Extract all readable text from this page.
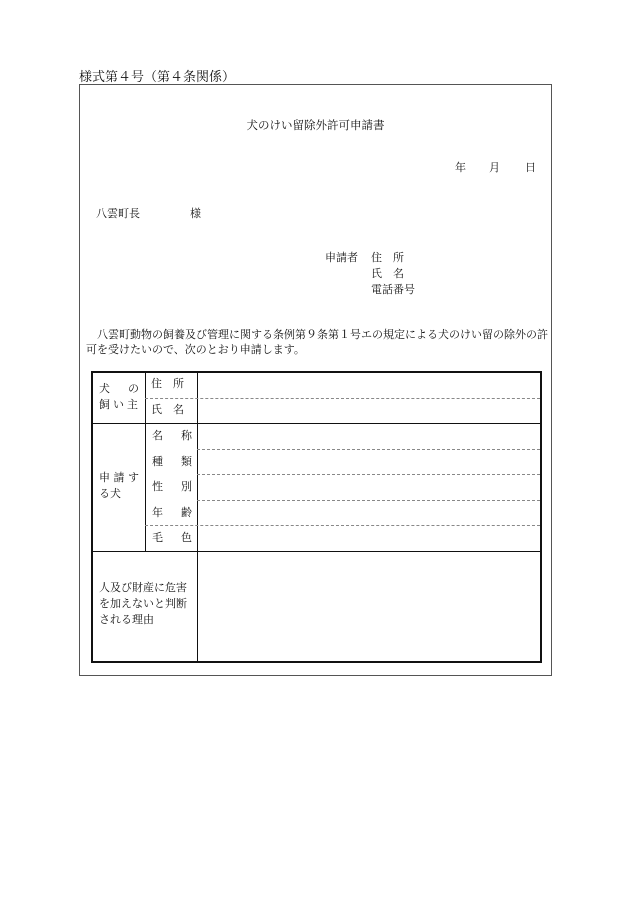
様式第４号（第４条関係）
犬のけい留除外許可申請書
年 月 日
八雲町長	様
申請者 住　所
氏　名
電話番号
八雲町動物の飼養及び管理に関する条例第９条第１号エの規定による犬のけい留の除外の許可を受けたいので、次のとおり申請します。
犬 の
飼い主
住　所
氏　名
申 請 す
る犬
名 称
種 類
性 別
年 齢
毛 色
人及び財産に危害
を加えないと判断
される理由
